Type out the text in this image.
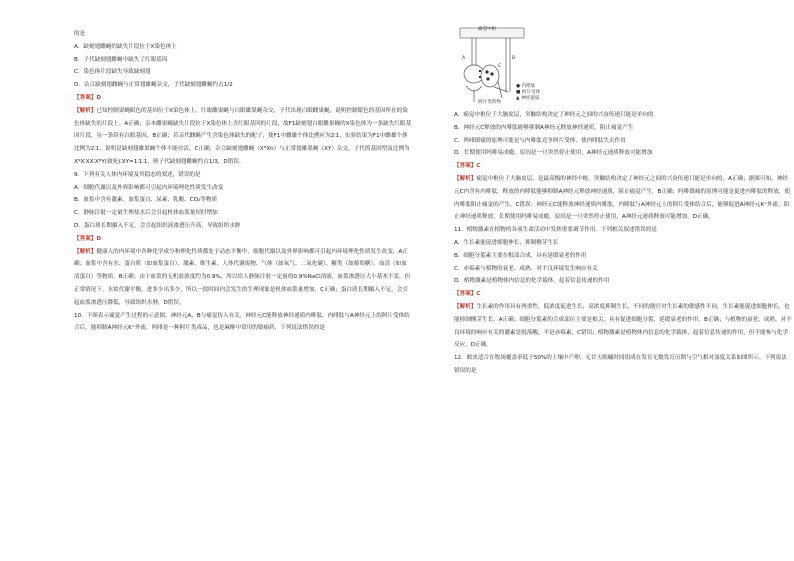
的是

A．缺刻翅雌蝇的缺失片段位于X染色体上

B．子代缺刻翅雌蝇中缺失了红眼基因

C．染色体片段缺失导致缺刻翅

D．杂合缺刻翅雌蝇与正常翅雄蝇杂交，子代缺刻翅雌蝇约占1/2

【答案】D

【解析】已知控制果蝇眼色的基因位于X染色体上，红眼雌果蝇与白眼雄果蝇杂交，子代出现白眼雌果蝇，说明控制眼色的基因所在的染色体缺失的片段上。A正确；亲本雌果蝇缺失片段位于X染色体上含红眼基因的片段，故F1缺刻翅白眼雌果蝇的X染色体为一条缺失红眼基因片段，另一条带有白眼基因，B正确；若亲代雌蝇产生含染色体缺失的配子，使F1中雌雄个体比例应为2∶1，实验结果为F1中雌雄个体比例为2∶1，说明是缺刻翅雄果蝇个体不能存活，C正确；杂合缺刻翅雌蝇（XᴺXn）与正常翅雄果蝇（XY）杂交，子代的基因型及比例为XᴺX∶XX∶XᴺY(致死)∶XY=1∶1∶1，则子代缺刻翅雌蝇约占1/3，D错误。

9．下列有关人体内环境及其稳态的叙述，错误的是

A．细胞代谢以及外界影响都可引起内环境理化性质发生改变

B．血浆中含有激素、血浆蛋白、尿素、乳酸、CO₂等物质

C．静脉注射一定量生理盐水后会引起机体血浆量短时增加

D．蛋白质长期摄入不足，会引起组织液渗透压升高，导致组织水肿

【答案】D

【解析】健康人的内环境中各种化学成分和理化性质都处于动态平衡中，细胞代谢以及外界影响都可引起内环境理化性质发生改变，A正确；血浆中含有水、蛋白质（如血浆蛋白）、激素、维生素、人体代谢废物、气体（如氧气、二氧化碳）、糖类（如葡萄糖）、血清（如血清蛋白）等物质，B正确；由于血浆的无机盐浓度约为0.9%，所以给人静脉注射一定量的0.9%NaCl溶液，血浆渗透压大小基本不变，但正常情况下，水盐代谢平衡，进多少出多少，所以一段时间内会发生的生理现象是机体血浆量增加，C正确；蛋白质长期摄入不足，会引起血浆渗透压降低，导致组织水肿，D错误。

10．下图表示痛觉产生过程的示意图，神经元A、B与痛觉传入有关，神经元C能释放神经递质内啡肽，内啡肽与A神经元上的阿片受体结合后，能抑制A神经元K⁺外流，吗啡是一种阿片类毒品，也是麻醉中常用的镇痛药，下列说法错误的是

痛觉中枢
A	B
C
● 内啡肽
■ 阿片受体
▲ 神经递质
阿片类药物

A．痛觉中枢位于大脑皮层，突触结构决定了神经元之间的兴奋传递只能是单向的

B．神经元C释放的内啡肽能够抑制A神经元释放神经递质，阻止痛觉产生

C．吗啡镇痛的原理可能是与内啡肽竞争阿片受体，使内啡肽失去作用

D．长期使用吗啡易成瘾，原因是一旦突然停止使用，A神经元递质释放可能增加

【答案】C

【解析】痛觉中枢位于大脑皮层，是最高级的神经中枢，突触结构决定了神经元之间的兴奋传递只能是单向的，A正确；据图可知，神经元C内含有内啡肽，释放的内啡肽能够抑制A神经元释放神经递质，阻止痛觉产生，B正确；吗啡镇痛的原理可能是促进内啡肽的释放，使内啡肽阻止痛觉的产生，C错误；神经元C能释放神经递质内啡肽，内啡肽与A神经元上的阿片受体结合后，能够促进A神经元K⁺外流，阻止神经递质释放，长期使用吗啡易成瘾，原因是一旦突然停止使用，A神经元递质释放可能增加，D正确。

11．植物激素在植物的各项生命活动中发挥重要调节作用。下列相关叙述错误的是

A．生长素能促进细胞伸长，抑制侧芽生长

B．细胞分裂素主要在根部合成，具有延缓衰老的作用

C．赤霉素与植物的衰老、成熟、对不良环境发生响应有关

D．植物激素是植物体内信息的化学载体，起着信息传递的作用

【答案】C

【解析】生长素的作用具有两重性，低浓度促进生长，高浓度抑制生长，不同的器官对生长素的敏感性不同，生长素能促进细胞伸长，也能抑制侧芽生长，A正确；细胞分裂素的合成部位主要是根尖，具有促进细胞分裂，延缓衰老的作用，B正确；与植物的衰老、成熟、对不良环境的响应有关的激素是脱落酸，不是赤霉素，C错误；植物激素是植物体内信息的化学载体，起着信息传递的作用，但不能参与化学反应，D正确。

12．蝗虫适合在牧场覆盖率低于50%的土壤中产卵，无甘天蝗蝻时间组成在发育无数发育历期与空气相对湿度关系如图所示。下列说法错误的是
